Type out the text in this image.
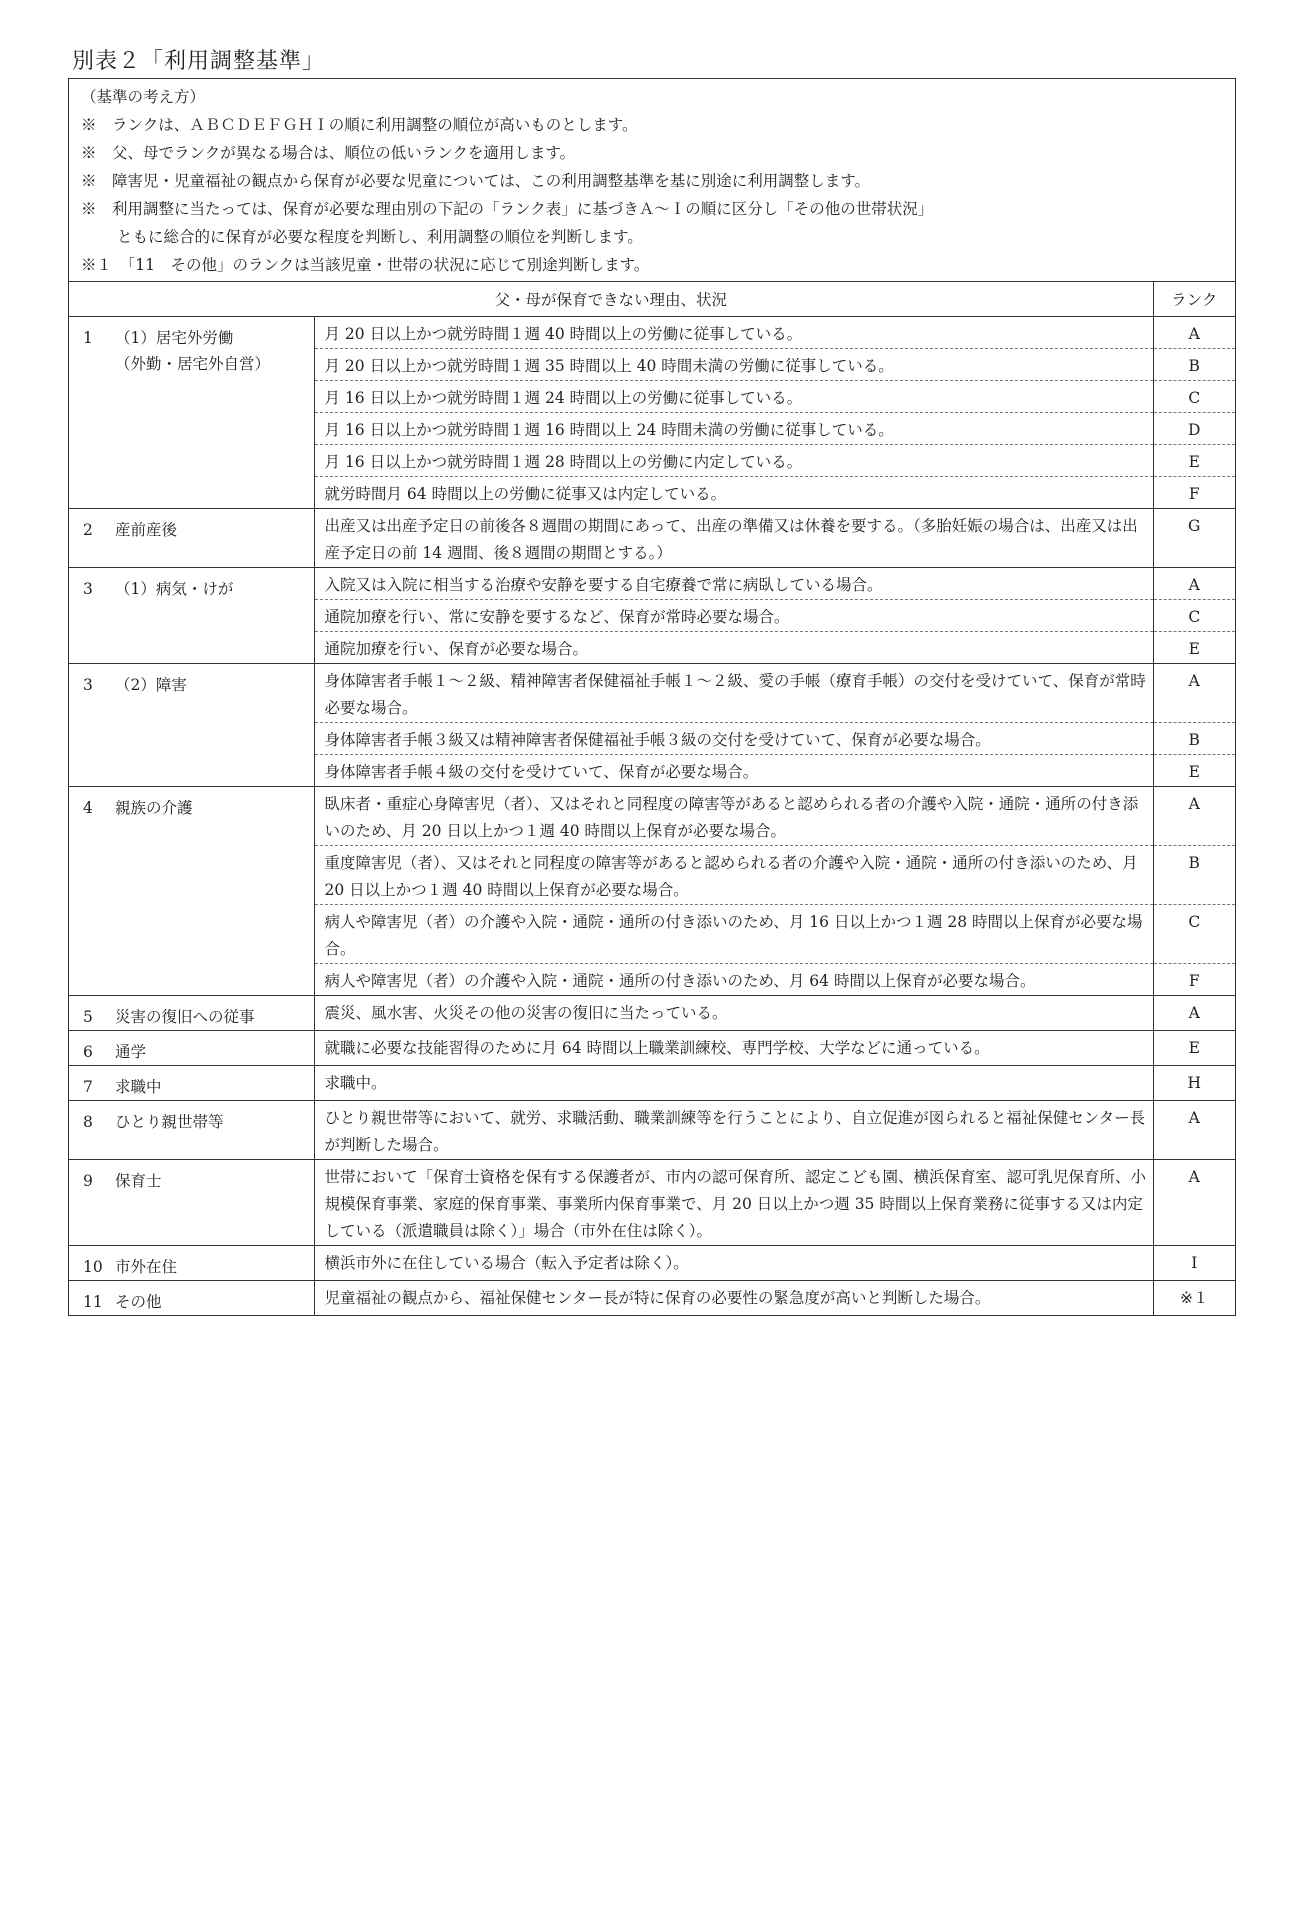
別表２「利用調整基準」
（基準の考え方）
※　ランクは、ＡＢＣＤＥＦＧＨＩの順に利用調整の順位が高いものとします。
※　父、母でランクが異なる場合は、順位の低いランクを適用します。
※　障害児・児童福祉の観点から保育が必要な児童については、この利用調整基準を基に別途に利用調整します。
※　利用調整に当たっては、保育が必要な理由別の下記の「ランク表」に基づきＡ～Ｉの順に区分し「その他の世帯状況」
ともに総合的に保育が必要な程度を判断し、利用調整の順位を判断します。
※１　「11　その他」のランクは当該児童・世帯の状況に応じて別途判断します。
父・母が保育できない理由、状況		ランク

1 （1）居宅外労働
（外勤・居宅外自営）	月 20 日以上かつ就労時間１週 40 時間以上の労働に従事している。	A
	月 20 日以上かつ就労時間１週 35 時間以上 40 時間未満の労働に従事している。	B
	月 16 日以上かつ就労時間１週 24 時間以上の労働に従事している。	C
	月 16 日以上かつ就労時間１週 16 時間以上 24 時間未満の労働に従事している。	D
	月 16 日以上かつ就労時間１週 28 時間以上の労働に内定している。	E
	就労時間月 64 時間以上の労働に従事又は内定している。	F

2 産前産後	出産又は出産予定日の前後各８週間の期間にあって、出産の準備又は休養を要する。（多胎妊娠の場合は、出産又は出産予定日の前 14 週間、後８週間の期間とする。）	G

3 （1）病気・けが	入院又は入院に相当する治療や安静を要する自宅療養で常に病臥している場合。	A
	通院加療を行い、常に安静を要するなど、保育が常時必要な場合。	C
	通院加療を行い、保育が必要な場合。	E

3 （2）障害	身体障害者手帳１～２級、精神障害者保健福祉手帳１～２級、愛の手帳（療育手帳）の交付を受けていて、保育が常時必要な場合。	A
	身体障害者手帳３級又は精神障害者保健福祉手帳３級の交付を受けていて、保育が必要な場合。	B
	身体障害者手帳４級の交付を受けていて、保育が必要な場合。	E

4 親族の介護	臥床者・重症心身障害児（者）、又はそれと同程度の障害等があると認められる者の介護や入院・通院・通所の付き添いのため、月 20 日以上かつ１週 40 時間以上保育が必要な場合。	A
	重度障害児（者）、又はそれと同程度の障害等があると認められる者の介護や入院・通院・通所の付き添いのため、月 20 日以上かつ１週 40 時間以上保育が必要な場合。	B
	病人や障害児（者）の介護や入院・通院・通所の付き添いのため、月 16 日以上かつ１週 28 時間以上保育が必要な場合。	C
	病人や障害児（者）の介護や入院・通院・通所の付き添いのため、月 64 時間以上保育が必要な場合。	F

5 災害の復旧への従事	震災、風水害、火災その他の災害の復旧に当たっている。	A

6 通学	就職に必要な技能習得のために月 64 時間以上職業訓練校、専門学校、大学などに通っている。	E

7 求職中	求職中。	H

8 ひとり親世帯等	ひとり親世帯等において、就労、求職活動、職業訓練等を行うことにより、自立促進が図られると福祉保健センター長が判断した場合。	A

9 保育士	世帯において「保育士資格を保有する保護者が、市内の認可保育所、認定こども園、横浜保育室、認可乳児保育所、小規模保育事業、家庭的保育事業、事業所内保育事業で、月 20 日以上かつ週 35 時間以上保育業務に従事する又は内定している（派遣職員は除く）」場合（市外在住は除く）。	A

10 市外在住	横浜市外に在住している場合（転入予定者は除く）。	I

11 その他	児童福祉の観点から、福祉保健センター長が特に保育の必要性の緊急度が高いと判断した場合。	※１
